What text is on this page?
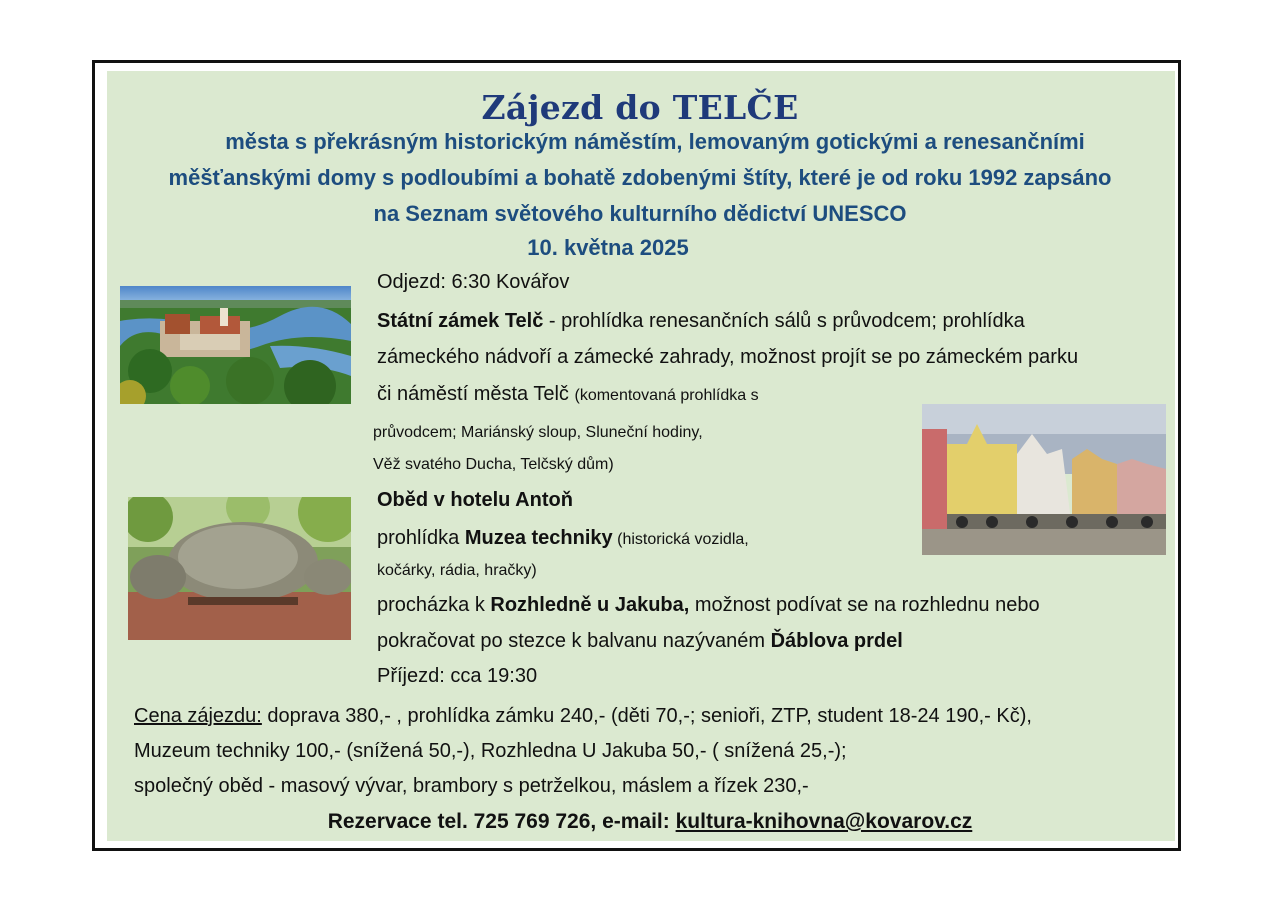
Zájezd do TELČE
města s překrásným historickým náměstím, lemovaným gotickými a renesančními
měšťanskými domy s podloubími a bohatě zdobenými štíty, které je od roku 1992 zapsáno
na Seznam světového kulturního dědictví UNESCO
10. května 2025
Odjezd: 6:30 Kovářov
Státní zámek Telč - prohlídka renesančních sálů s průvodcem; prohlídka
zámeckého nádvoří a zámecké zahrady, možnost projít se po zámeckém parku
či náměstí města Telč (komentovaná prohlídka s
průvodcem; Mariánský sloup, Sluneční hodiny,
Věž svatého Ducha, Telčský dům)
Oběd v hotelu Antoň
prohlídka Muzea techniky (historická vozidla,
kočárky, rádia, hračky)
procházka k Rozhledně u Jakuba, možnost podívat se na rozhlednu nebo
pokračovat po stezce k balvanu nazývaném Ďáblova prdel
Příjezd: cca 19:30
Cena zájezdu: doprava 380,- , prohlídka zámku 240,- (děti 70,-; senioři, ZTP, student 18-24 190,- Kč),
Muzeum techniky 100,- (snížená 50,-), Rozhledna U Jakuba 50,- ( snížená 25,-);
společný oběd - masový vývar, brambory s petrželkou, máslem a řízek 230,-
Rezervace tel. 725 769 726, e-mail: kultura-knihovna@kovarov.cz
